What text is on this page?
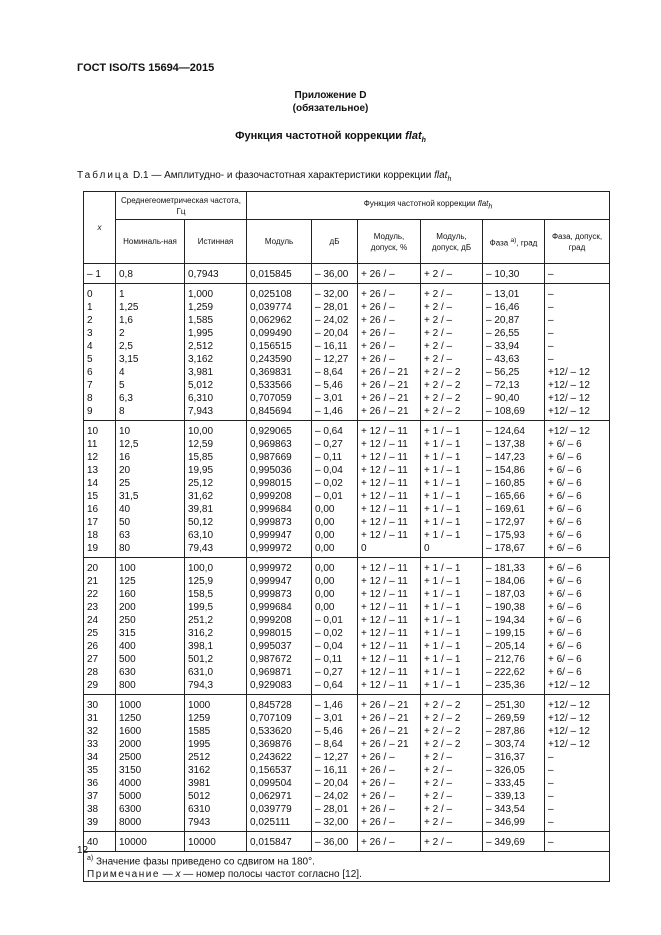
ГОСТ ISO/TS 15694—2015
Приложение D
(обязательное)
Функция частотной коррекции flat$_h$
Таблица D.1 — Амплитудно- и фазочастотная характеристики коррекции flat$_h$
x	Среднегеометрическая частота, Гц		Функция частотной коррекции flat$_h$
	Номиналь-ная	Истинная	Модуль	дБ	Модуль, допуск, %	Модуль, допуск, дБ	Фаза $^{а)}$, град	Фаза, допуск, град
– 1	0,8	0,7943	0,015845	– 36,00	+ 26 / –	+ 2 / –	– 10,30	–
0	1	1,000	0,025108	– 32,00	+ 26 / –	+ 2 / –	– 13,01	–
1	1,25	1,259	0,039774	– 28,01	+ 26 / –	+ 2 / –	– 16,46	–
2	1,6	1,585	0,062962	– 24,02	+ 26 / –	+ 2 / –	– 20,87	–
3	2	1,995	0,099490	– 20,04	+ 26 / –	+ 2 / –	– 26,55	–
4	2,5	2,512	0,156515	– 16,11	+ 26 / –	+ 2 / –	– 33,94	–
5	3,15	3,162	0,243590	– 12,27	+ 26 / –	+ 2 / –	– 43,63	–
6	4	3,981	0,369831	– 8,64	+ 26 / – 21	+ 2 / – 2	– 56,25	+12/ – 12
7	5	5,012	0,533566	– 5,46	+ 26 / – 21	+ 2 / – 2	– 72,13	+12/ – 12
8	6,3	6,310	0,707059	– 3,01	+ 26 / – 21	+ 2 / – 2	– 90,40	+12/ – 12
9	8	7,943	0,845694	– 1,46	+ 26 / – 21	+ 2 / – 2	– 108,69	+12/ – 12
10	10	10,00	0,929065	– 0,64	+ 12 / – 11	+ 1 / – 1	– 124,64	+12/ – 12
11	12,5	12,59	0,969863	– 0,27	+ 12 / – 11	+ 1 / – 1	– 137,38	+ 6/ – 6
12	16	15,85	0,987669	– 0,11	+ 12 / – 11	+ 1 / – 1	– 147,23	+ 6/ – 6
13	20	19,95	0,995036	– 0,04	+ 12 / – 11	+ 1 / – 1	– 154,86	+ 6/ – 6
14	25	25,12	0,998015	– 0,02	+ 12 / – 11	+ 1 / – 1	– 160,85	+ 6/ – 6
15	31,5	31,62	0,999208	– 0,01	+ 12 / – 11	+ 1 / – 1	– 165,66	+ 6/ – 6
16	40	39,81	0,999684	0,00	+ 12 / – 11	+ 1 / – 1	– 169,61	+ 6/ – 6
17	50	50,12	0,999873	0,00	+ 12 / – 11	+ 1 / – 1	– 172,97	+ 6/ – 6
18	63	63,10	0,999947	0,00	+ 12 / – 11	+ 1 / – 1	– 175,93	+ 6/ – 6
19	80	79,43	0,999972	0,00	0	0	– 178,67	+ 6/ – 6
20	100	100,0	0,999972	0,00	+ 12 / – 11	+ 1 / – 1	– 181,33	+ 6/ – 6
21	125	125,9	0,999947	0,00	+ 12 / – 11	+ 1 / – 1	– 184,06	+ 6/ – 6
22	160	158,5	0,999873	0,00	+ 12 / – 11	+ 1 / – 1	– 187,03	+ 6/ – 6
23	200	199,5	0,999684	0,00	+ 12 / – 11	+ 1 / – 1	– 190,38	+ 6/ – 6
24	250	251,2	0,999208	– 0,01	+ 12 / – 11	+ 1 / – 1	– 194,34	+ 6/ – 6
25	315	316,2	0,998015	– 0,02	+ 12 / – 11	+ 1 / – 1	– 199,15	+ 6/ – 6
26	400	398,1	0,995037	– 0,04	+ 12 / – 11	+ 1 / – 1	– 205,14	+ 6/ – 6
27	500	501,2	0,987672	– 0,11	+ 12 / – 11	+ 1 / – 1	– 212,76	+ 6/ – 6
28	630	631,0	0,969871	– 0,27	+ 12 / – 11	+ 1 / – 1	– 222,62	+ 6/ – 6
29	800	794,3	0,929083	– 0,64	+ 12 / – 11	+ 1 / – 1	– 235,36	+12/ – 12
30	1000	1000	0,845728	– 1,46	+ 26 / – 21	+ 2 / – 2	– 251,30	+12/ – 12
31	1250	1259	0,707109	– 3,01	+ 26 / – 21	+ 2 / – 2	– 269,59	+12/ – 12
32	1600	1585	0,533620	– 5,46	+ 26 / – 21	+ 2 / – 2	– 287,86	+12/ – 12
33	2000	1995	0,369876	– 8,64	+ 26 / – 21	+ 2 / – 2	– 303,74	+12/ – 12
34	2500	2512	0,243622	– 12,27	+ 26 / –	+ 2 / –	– 316,37	–
35	3150	3162	0,156537	– 16,11	+ 26 / –	+ 2 / –	– 326,05	–
36	4000	3981	0,099504	– 20,04	+ 26 / –	+ 2 / –	– 333,45	–
37	5000	5012	0,062971	– 24,02	+ 26 / –	+ 2 / –	– 339,13	–
38	6300	6310	0,039779	– 28,01	+ 26 / –	+ 2 / –	– 343,54	–
39	8000	7943	0,025111	– 32,00	+ 26 / –	+ 2 / –	– 346,99	–
40	10000	10000	0,015847	– 36,00	+ 26 / –	+ 2 / –	– 349,69	–

$^{а)}$ Значение фазы приведено со сдвигом на 180°.
Примечание — x — номер полосы частот согласно [12].								
12
